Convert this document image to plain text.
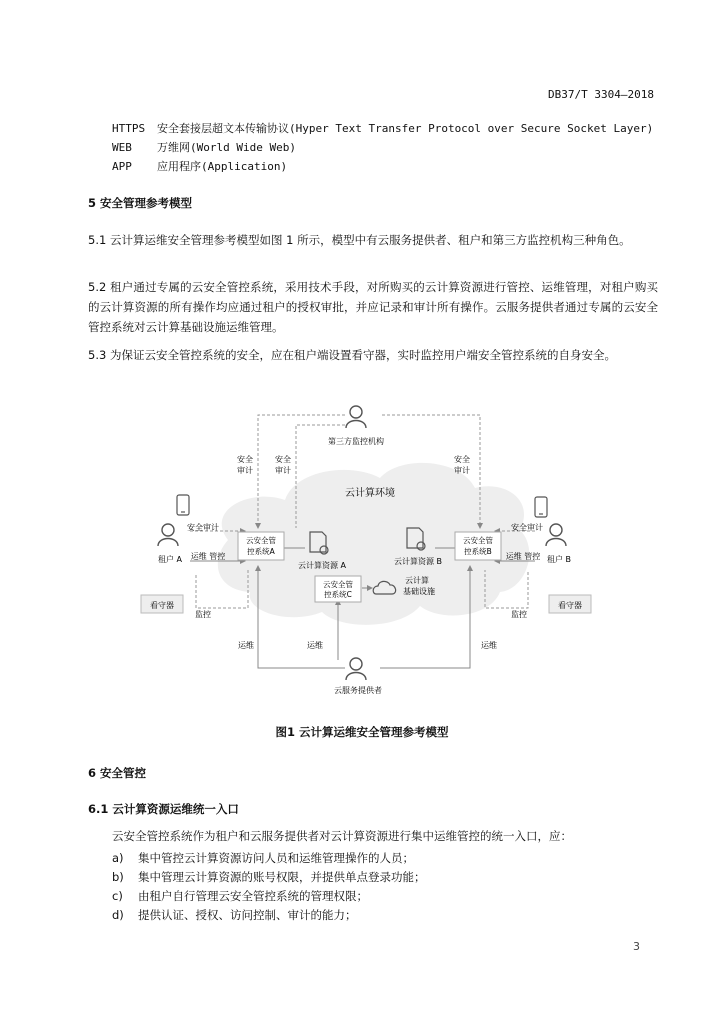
DB37/T 3304—2018
HTTPS 安全套接层超文本传输协议(Hyper Text Transfer Protocol over Secure Socket Layer)
WEB 万维网(World Wide Web)
APP 应用程序(Application)
5 安全管理参考模型
5.1 云计算运维安全管理参考模型如图 1 所示，模型中有云服务提供者、租户和第三方监控机构三种角色。
5.2 租户通过专属的云安全管控系统，采用技术手段，对所购买的云计算资源进行管控、运维管理，对租户购买的云计算资源的所有操作均应通过租户的授权审批，并应记录和审计所有操作。云服务提供者通过专属的云安全管控系统对云计算基础设施运维管理。
5.3 为保证云安全管控系统的安全，应在租户端设置看守器，实时监控用户端安全管控系统的自身安全。
第三方监控机构
安全
审计
安全
审计
安全
审计
云计算环境
租户 A	租户 B
安全审计	安全审计
运维 管控	运维 管控
云安全管
控系统A
云安全管
控系统B
云安全管
控系统C
云计算资源 A	云计算资源 B
云计算
基础设施
看守器	看守器
监控	监控
运维	运维	运维
云服务提供者
图1 云计算运维安全管理参考模型
6 安全管控
6.1 云计算资源运维统一入口
云安全管控系统作为租户和云服务提供者对云计算资源进行集中运维管控的统一入口，应：
a) 集中管控云计算资源访问人员和运维管理操作的人员；
b) 集中管理云计算资源的账号权限，并提供单点登录功能；
c) 由租户自行管理云安全管控系统的管理权限；
d) 提供认证、授权、访问控制、审计的能力；
3
